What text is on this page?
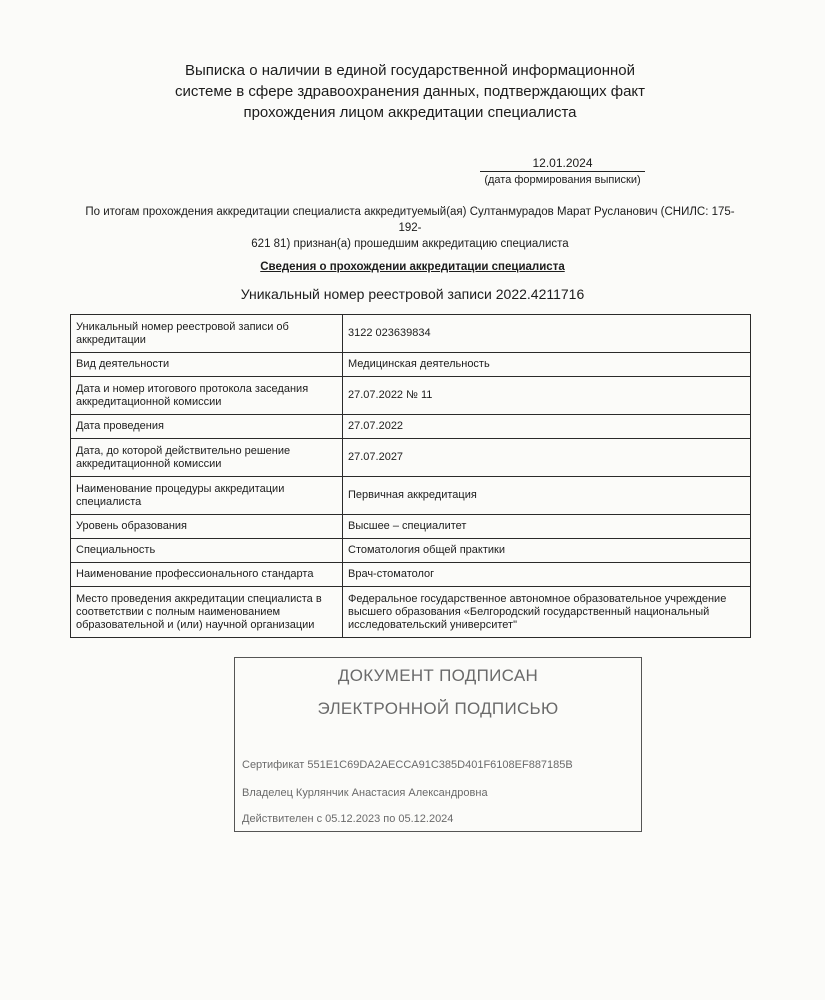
Выписка о наличии в единой государственной информационной
системе в сфере здравоохранения данных, подтверждающих факт
прохождения лицом аккредитации специалиста
12.01.2024
(дата формирования выписки)
По итогам прохождения аккредитации специалиста аккредитуемый(ая) Султанмурадов Марат Русланович (СНИЛС: 175-192-
621 81) признан(а) прошедшим аккредитацию специалиста
Сведения о прохождении аккредитации специалиста
Уникальный номер реестровой записи 2022.4211716
Уникальный номер реестровой записи об аккредитации	3122 023639834
Вид деятельности	Медицинская деятельность
Дата и номер итогового протокола заседания аккредитационной комиссии	27.07.2022 № 11
Дата проведения	27.07.2022
Дата, до которой действительно решение аккредитационной комиссии	27.07.2027
Наименование процедуры аккредитации специалиста	Первичная аккредитация
Уровень образования	Высшее – специалитет
Специальность	Стоматология общей практики
Наименование профессионального стандарта	Врач-стоматолог
Место проведения аккредитации специалиста в соответствии с полным наименованием образовательной и (или) научной организации	Федеральное государственное автономное образовательное учреждение высшего образования «Белгородский государственный национальный исследовательский университет"
ДОКУМЕНТ ПОДПИСАН
ЭЛЕКТРОННОЙ ПОДПИСЬЮ
Сертификат 551E1C69DA2AECCA91C385D401F6108EF887185B
Владелец Курлянчик Анастасия Александровна
Действителен с 05.12.2023 по 05.12.2024
